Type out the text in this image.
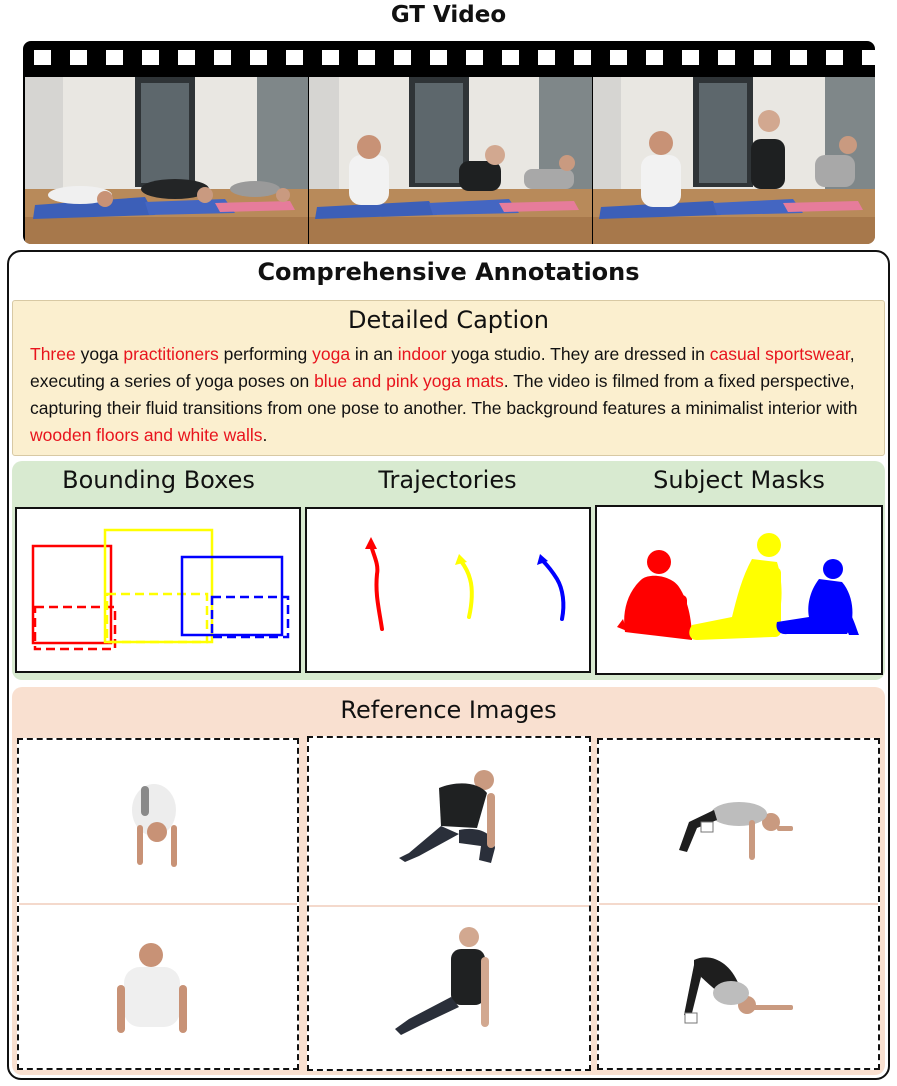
GT Video
Comprehensive Annotations
Detailed Caption
Three yoga practitioners performing yoga in an indoor yoga studio. They are dressed in casual sportswear, executing a series of yoga poses on blue and pink yoga mats. The video is filmed from a fixed perspective, capturing their fluid transitions from one pose to another. The background features a minimalist interior with wooden floors and white walls.
Bounding Boxes	Trajectories	Subject Masks
Reference Images
